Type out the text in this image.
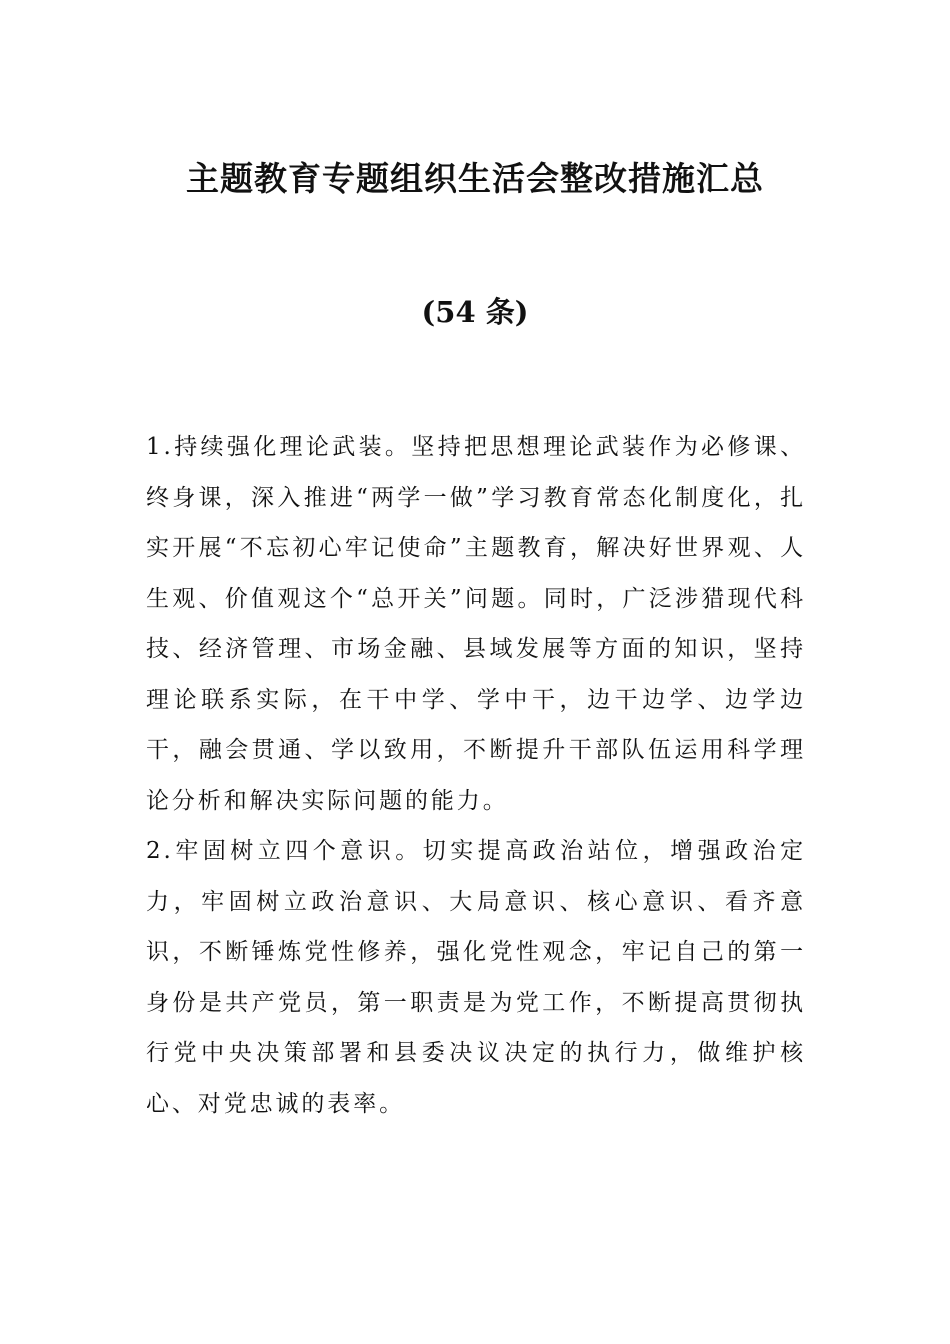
主题教育专题组织生活会整改措施汇总
(54 条)

1.持续强化理论武装。坚持把思想理论武装作为必修课、终身课，深入推进“两学一做”学习教育常态化制度化，扎实开展“不忘初心牢记使命”主题教育，解决好世界观、人生观、价值观这个“总开关”问题。同时，广泛涉猎现代科技、经济管理、市场金融、县域发展等方面的知识，坚持理论联系实际，在干中学、学中干，边干边学、边学边干，融会贯通、学以致用，不断提升干部队伍运用科学理论分析和解决实际问题的能力。

2.牢固树立四个意识。切实提高政治站位，增强政治定力，牢固树立政治意识、大局意识、核心意识、看齐意识，不断锤炼党性修养，强化党性观念，牢记自己的第一身份是共产党员，第一职责是为党工作，不断提高贯彻执行党中央决策部署和县委决议决定的执行力，做维护核心、对党忠诚的表率。
